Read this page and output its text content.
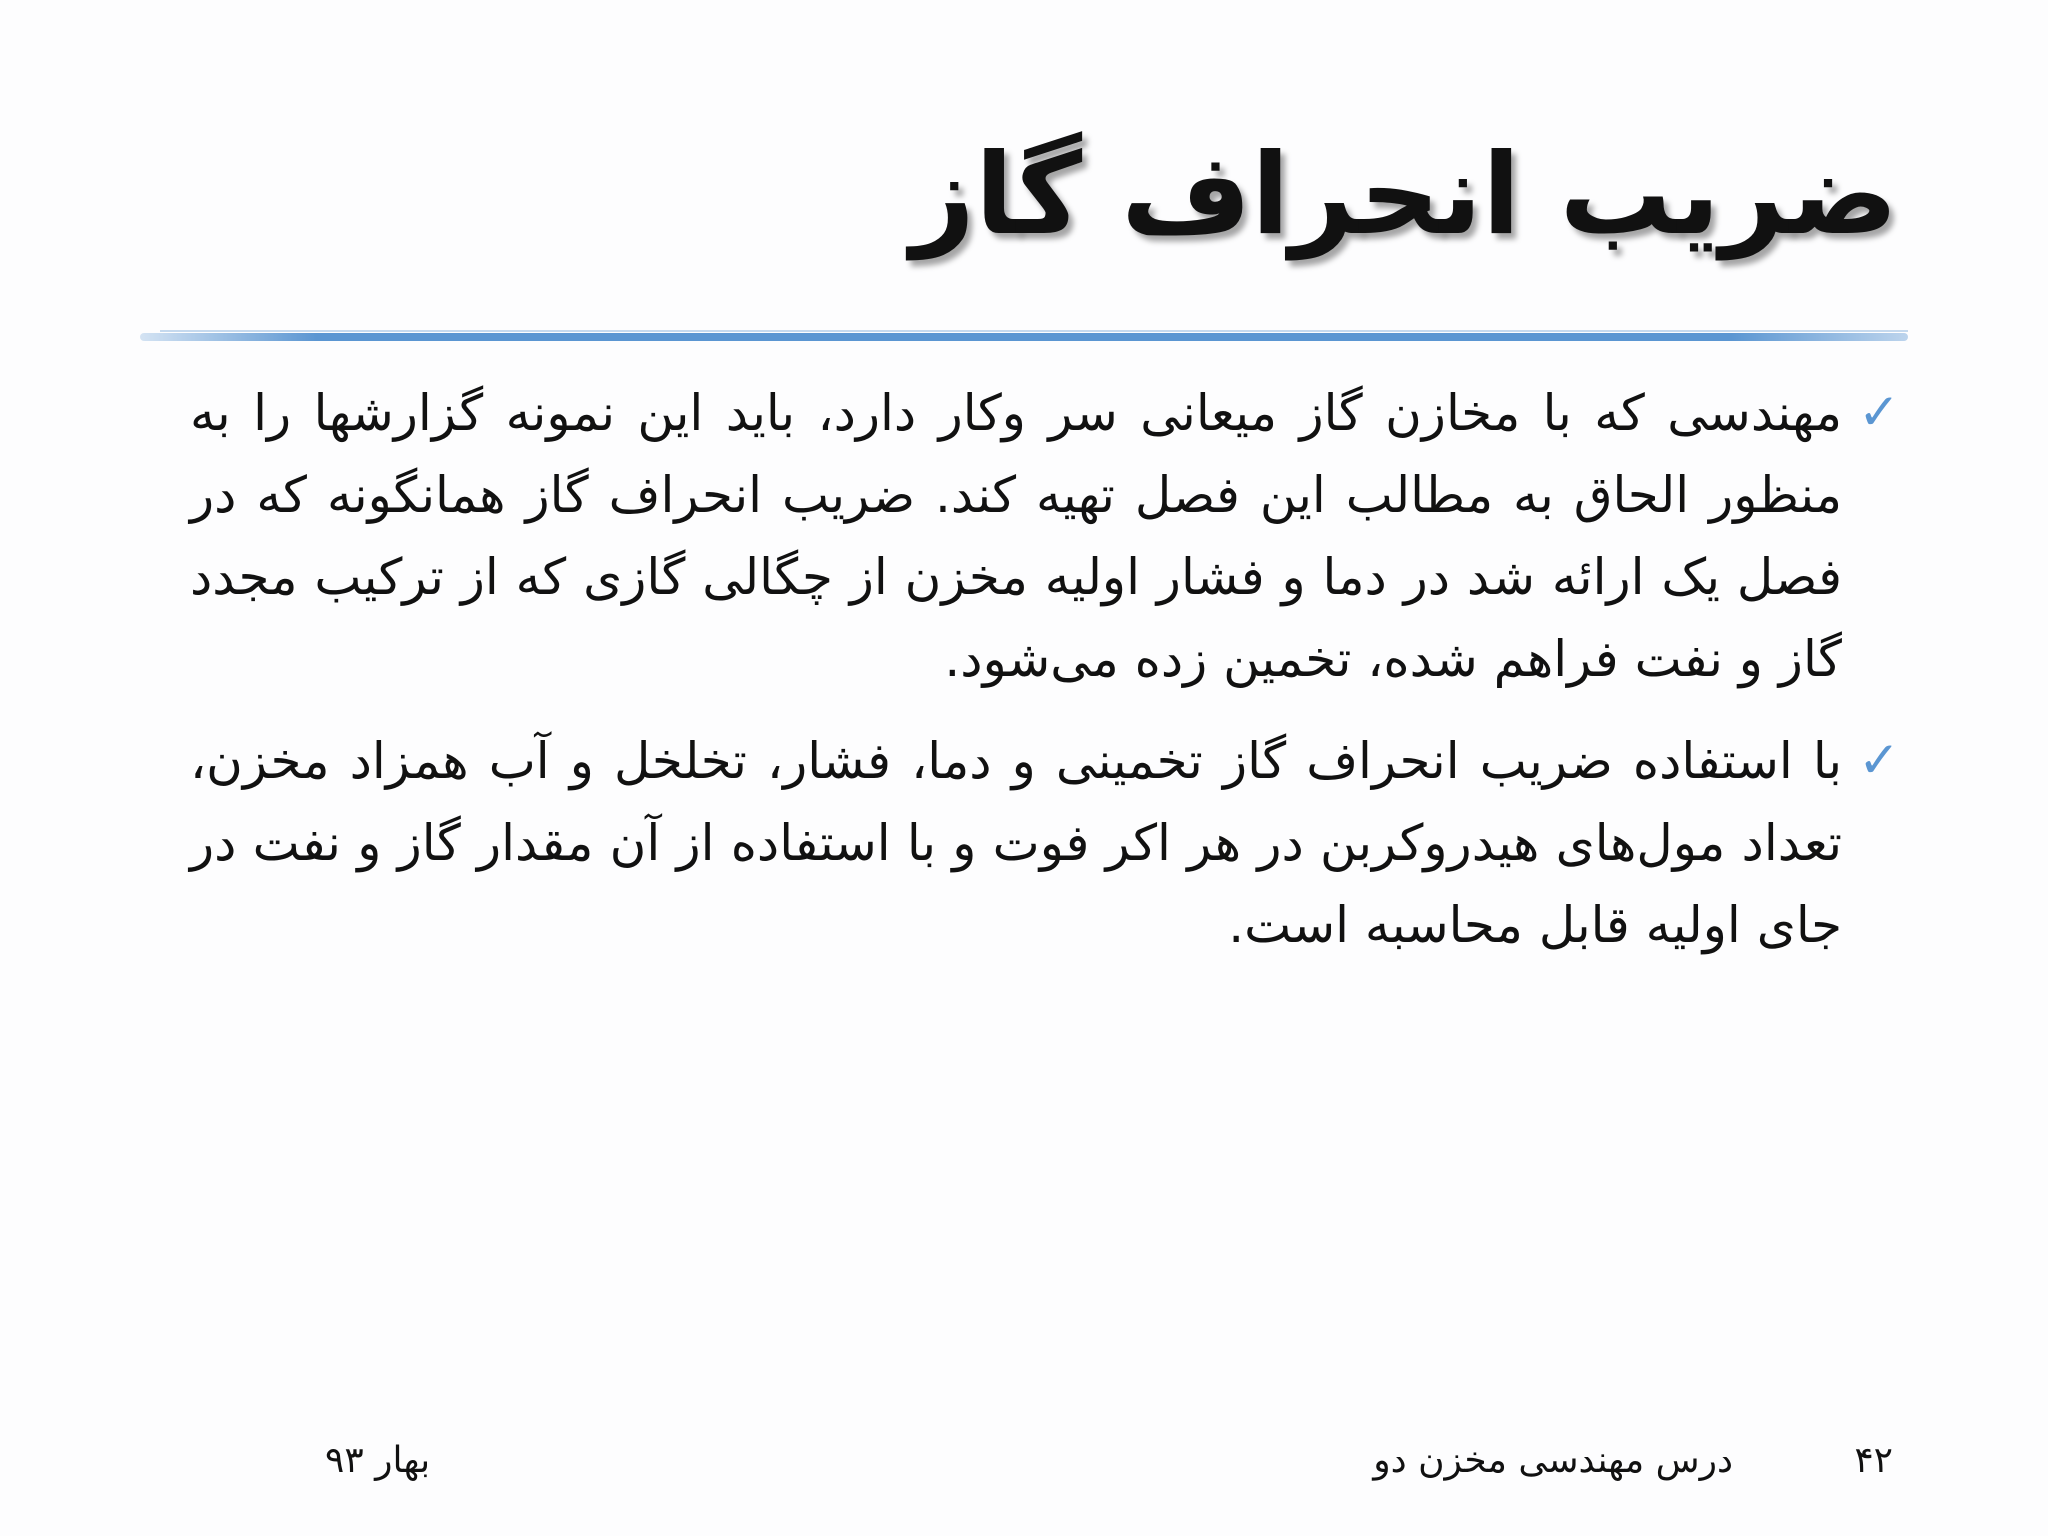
ضریب انحراف گاز
✓
مهندسی که با مخازن گاز میعانی سر وکار دارد، باید این نمونه گزارشها را به منظور الحاق به مطالب این فصل تهیه کند. ضریب انحراف گاز همانگونه که در فصل یک ارائه شد در دما و فشار اولیه مخزن از چگالی گازی که از ترکیب مجدد گاز و نفت فراهم شده، تخمین زده می‌شود.
✓
با استفاده ضریب انحراف گاز تخمینی و دما، فشار، تخلخل و آب همزاد مخزن، تعداد مول‌های هیدروکربن در هر اکر فوت و با استفاده از آن مقدار گاز و نفت در جای اولیه قابل محاسبه است.
۴۲
درس مهندسی مخزن دو
بهار ۹۳
